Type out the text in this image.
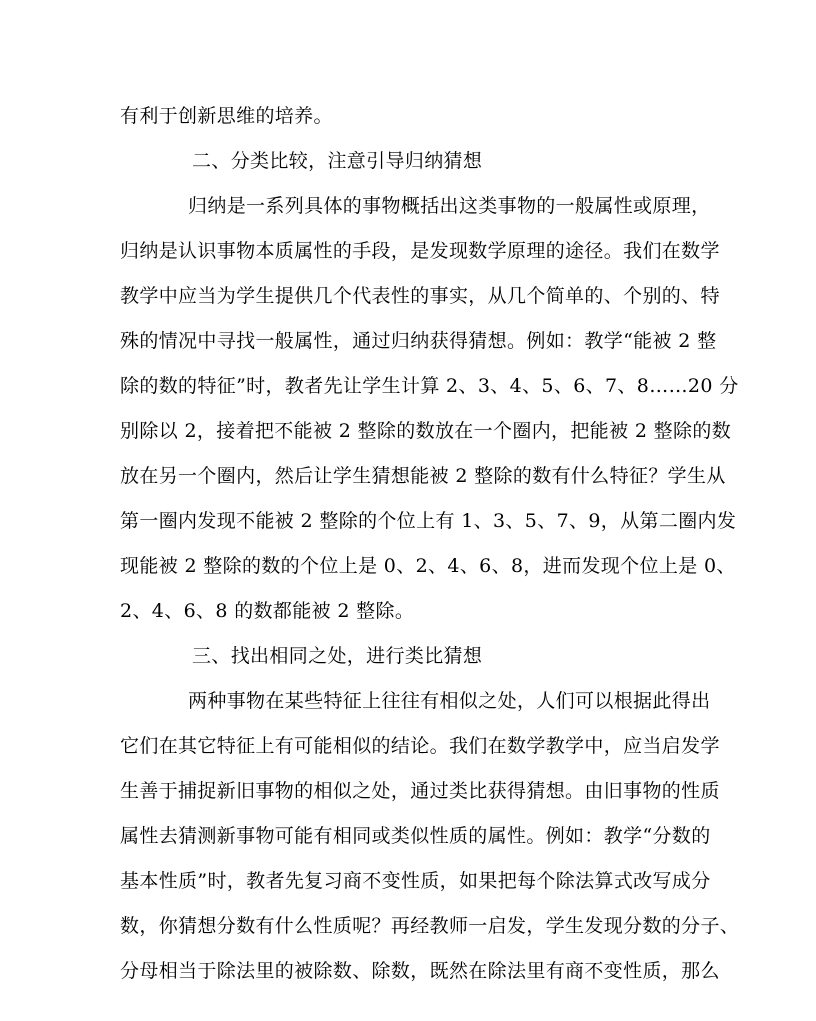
有利于创新思维的培养。
二、分类比较，注意引导归纳猜想
归纳是一系列具体的事物概括出这类事物的一般属性或原理，
归纳是认识事物本质属性的手段，是发现数学原理的途径。我们在数学
教学中应当为学生提供几个代表性的事实，从几个简单的、个别的、特
殊的情况中寻找一般属性，通过归纳获得猜想。例如：教学“能被 2 整
除的数的特征”时，教者先让学生计算 2、3、4、5、6、7、8……20 分
别除以 2，接着把不能被 2 整除的数放在一个圈内，把能被 2 整除的数
放在另一个圈内，然后让学生猜想能被 2 整除的数有什么特征？学生从
第一圈内发现不能被 2 整除的个位上有 1、3、5、7、9，从第二圈内发
现能被 2 整除的数的个位上是 0、2、4、6、8，进而发现个位上是 0、
2、4、6、8 的数都能被 2 整除。
三、找出相同之处，进行类比猜想
两种事物在某些特征上往往有相似之处，人们可以根据此得出
它们在其它特征上有可能相似的结论。我们在数学教学中，应当启发学
生善于捕捉新旧事物的相似之处，通过类比获得猜想。由旧事物的性质
属性去猜测新事物可能有相同或类似性质的属性。例如：教学“分数的
基本性质”时，教者先复习商不变性质，如果把每个除法算式改写成分
数，你猜想分数有什么性质呢？再经教师一启发，学生发现分数的分子、
分母相当于除法里的被除数、除数，既然在除法里有商不变性质，那么
